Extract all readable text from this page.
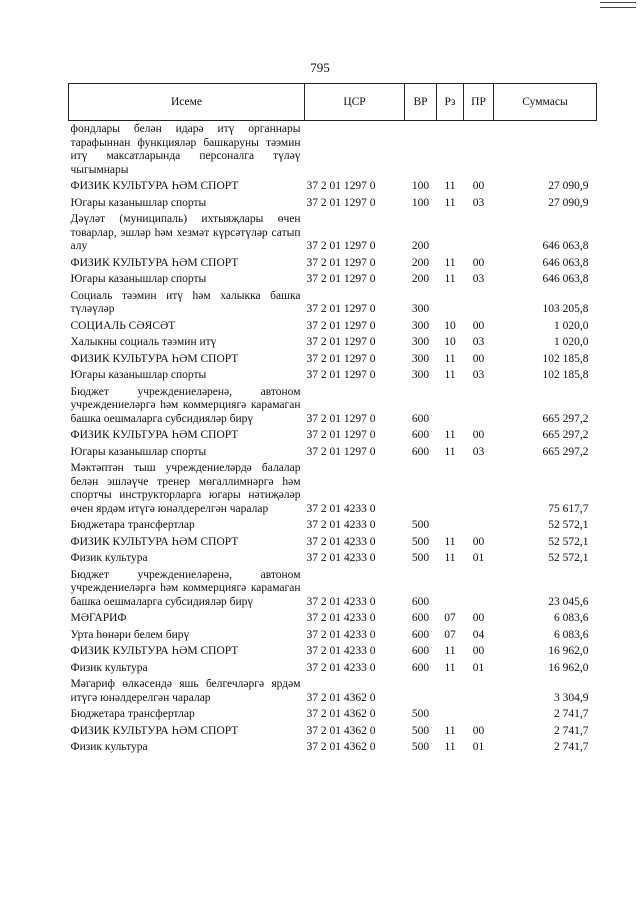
795
Исеме	ЦСР	ВР	Рз	ПР	Суммасы
фондлары белән идарә итү органнары тарафыннан функцияләр башкаруны тәэмин итү максатларында персоналга түләү чыгымнары					
ФИЗИК КУЛЬТУРА ҺӘМ СПОРТ	37 2 01 1297 0	100	11	00	27 090,9
Югары казанышлар спорты	37 2 01 1297 0	100	11	03	27 090,9
Дәүләт (муниципаль) ихтыяҗлары өчен товарлар, эшләр һәм хезмәт күрсәтүләр сатып алу	37 2 01 1297 0	200			646 063,8
ФИЗИК КУЛЬТУРА ҺӘМ СПОРТ	37 2 01 1297 0	200	11	00	646 063,8
Югары казанышлар спорты	37 2 01 1297 0	200	11	03	646 063,8
Социаль тәэмин итү һәм халыкка башка түләүләр	37 2 01 1297 0	300			103 205,8
СОЦИАЛЬ СӘЯСӘТ	37 2 01 1297 0	300	10	00	1 020,0
Халыкны социаль тәэмин итү	37 2 01 1297 0	300	10	03	1 020,0
ФИЗИК КУЛЬТУРА ҺӘМ СПОРТ	37 2 01 1297 0	300	11	00	102 185,8
Югары казанышлар спорты	37 2 01 1297 0	300	11	03	102 185,8
Бюджет учреждениеләренә, автоном учреждениеләргә һәм коммерциягә карамаган башка оешмаларга субсидияләр бирү	37 2 01 1297 0	600			665 297,2
ФИЗИК КУЛЬТУРА ҺӘМ СПОРТ	37 2 01 1297 0	600	11	00	665 297,2
Югары казанышлар спорты	37 2 01 1297 0	600	11	03	665 297,2
Мәктәптән тыш учреждениеләрдә балалар белән эшләүче тренер мөгаллимнәргә һәм спортчы инструкторларга югары нәтиҗәләр өчен ярдәм итүгә юнәлдерелгән чаралар	37 2 01 4233 0				75 617,7
Бюджетара трансфертлар	37 2 01 4233 0	500			52 572,1
ФИЗИК КУЛЬТУРА ҺӘМ СПОРТ	37 2 01 4233 0	500	11	00	52 572,1
Физик культура	37 2 01 4233 0	500	11	01	52 572,1
Бюджет учреждениеләренә, автоном учреждениеләргә һәм коммерциягә карамаган башка оешмаларга субсидияләр бирү	37 2 01 4233 0	600			23 045,6
МӘГАРИФ	37 2 01 4233 0	600	07	00	6 083,6
Урта һөнәри белем бирү	37 2 01 4233 0	600	07	04	6 083,6
ФИЗИК КУЛЬТУРА ҺӘМ СПОРТ	37 2 01 4233 0	600	11	00	16 962,0
Физик культура	37 2 01 4233 0	600	11	01	16 962,0
Мәгариф өлкәсендә яшь белгечләргә ярдәм итүгә юнәлдерелгән чаралар	37 2 01 4362 0				3 304,9
Бюджетара трансфертлар	37 2 01 4362 0	500			2 741,7
ФИЗИК КУЛЬТУРА ҺӘМ СПОРТ	37 2 01 4362 0	500	11	00	2 741,7
Физик культура	37 2 01 4362 0	500	11	01	2 741,7
